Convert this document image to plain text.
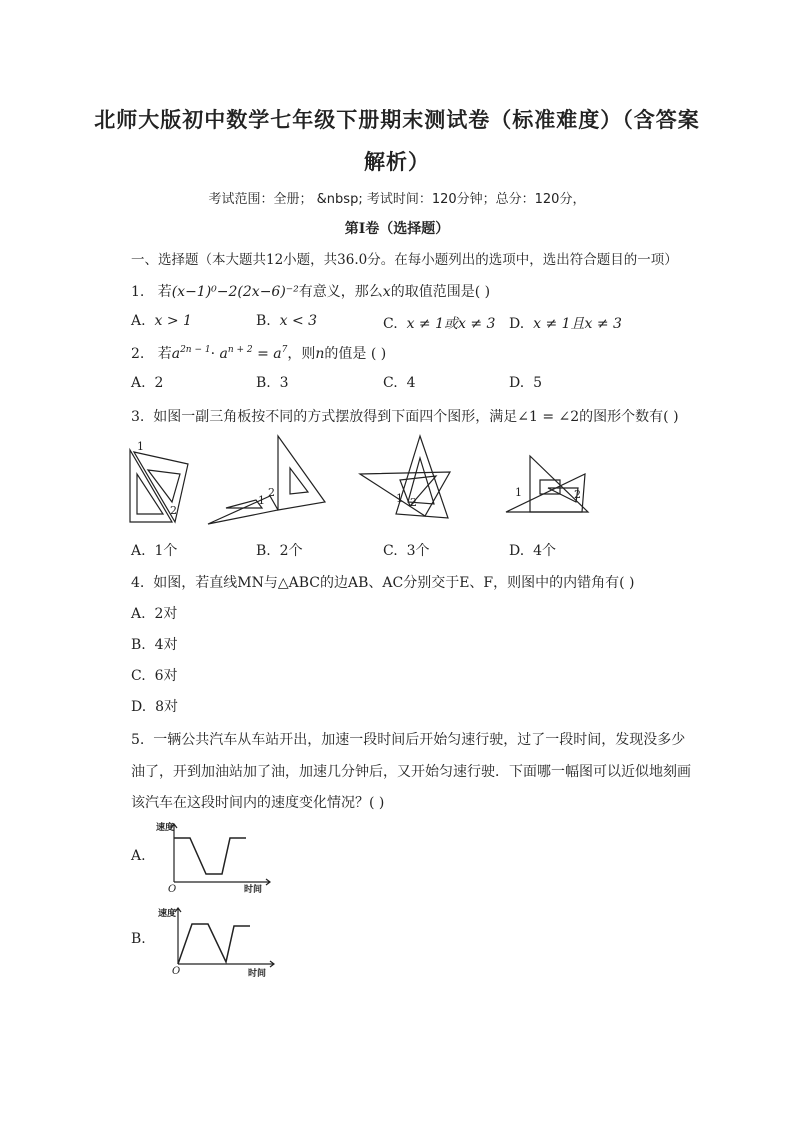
北师大版初中数学七年级下册期末测试卷（标准难度）（含答案
解析）
考试范围：全册； &nbsp; 考试时间：120分钟；总分：120分，
第I卷（选择题）
一、选择题（本大题共12小题，共36.0分。在每小题列出的选项中，选出符合题目的一项）
1. 若(x−1)⁰−2(2x−6)⁻²有意义，那么x的取值范围是( )
A. x > 1	B. x < 3	C. x ≠ 1或x ≠ 3 D. x ≠ 1且x ≠ 3
2. 若$a^{2n - 1}\cdot a^{n + 2} = a^7$，则n的值是 ( )
A. 2	B. 3	C. 4	D. 5
3. 如图一副三角板按不同的方式摆放得到下面四个图形，满足∠1 = ∠2的图形个数有( )
1
2
1
2	1 2
1	2
A. 1个	B. 2个	C. 3个	D. 4个
4. 如图，若直线MN与△ABC的边AB、AC分别交于E、F，则图中的内错角有( )
A. 2对
B. 4对
C. 6对
D. 8对
5. 一辆公共汽车从车站开出，加速一段时间后开始匀速行驶，过了一段时间，发现没多少
油了，开到加油站加了油，加速几分钟后，又开始匀速行驶．下面哪一幅图可以近似地刻画
该汽车在这段时间内的速度变化情况？( )
A.
速度
O	时间
B.
速度
O	时间
